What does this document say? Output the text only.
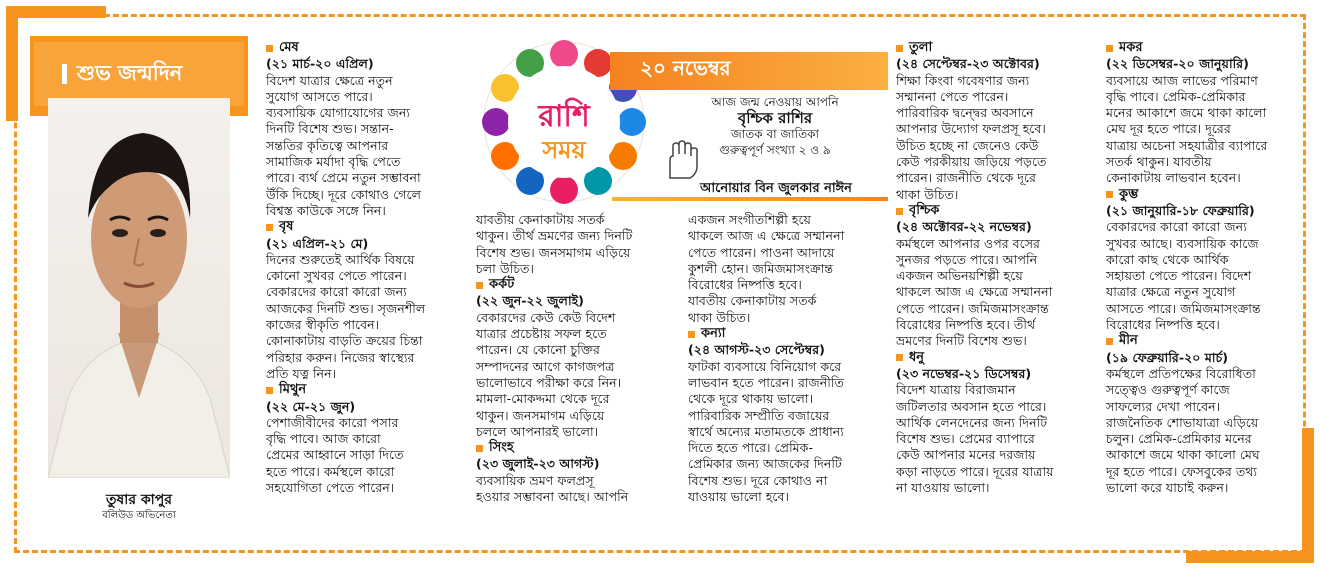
শুভ জন্মদিন
তুষার কাপুর
বলিউড অভিনেতা
মেষ

(২১ মার্চ-২০ এপ্রিল)

বিদেশ যাত্রার ক্ষেত্রে নতুন
সুযোগ আসতে পারে।
ব্যবসায়িক যোগাযোগের জন্য
দিনটি বিশেষ শুভ। সন্তান-
সন্ততির কৃতিত্বে আপনার
সামাজিক মর্যাদা বৃদ্ধি পেতে
পারে। ব্যর্থ প্রেমে নতুন সম্ভাবনা
উঁকি দিচ্ছে। দূরে কোথাও গেলে
বিশ্বস্ত কাউকে সঙ্গে নিন।

বৃষ

(২১ এপ্রিল-২১ মে)

দিনের শুরুতেই আর্থিক বিষয়ে
কোনো সুখবর পেতে পারেন।
বেকারদের কারো কারো জন্য
আজকের দিনটি শুভ। সৃজনশীল
কাজের স্বীকৃতি পাবেন।
কোনাকাটায় বাড়তি ক্রয়ের চিন্তা
পরিহার করুন। নিজের স্বাস্থ্যের
প্রতি যত্ন নিন।

মিথুন

(২২ মে-২১ জুন)

পেশাজীবীদের কারো পসার
বৃদ্ধি পাবে। আজ কারো
প্রেমের আহ্বানে সাড়া দিতে
হতে পারে। কর্মস্থলে কারো
সহযোগিতা পেতে পারেন।

রাশি
সময়
২০ নভেম্বর
আজ জন্ম নেওয়ায় আপনি
বৃশ্চিক রাশির
জাতক বা জাতিকা
গুরুত্বপূর্ণ সংখ্যা ২ ও ৯
আনোয়ার বিন জুলকার নাঈন

যাবতীয় কেনাকাটায় সতর্ক
থাকুন। তীর্থ ভ্রমণের জন্য দিনটি
বিশেষ শুভ। জনসমাগম এড়িয়ে
চলা উচিত।

কর্কট

(২২ জুন-২২ জুলাই)

বেকারদের কেউ কেউ বিদেশ
যাত্রার প্রচেষ্টায় সফল হতে
পারেন। যে কোনো চুক্তির
সম্পাদনের আগে কাগজপত্র
ভালোভাবে পরীক্ষা করে নিন।
মামলা-মোকদ্দমা থেকে দূরে
থাকুন। জনসমাগম এড়িয়ে
চললে আপনারই ভালো।

সিংহ

(২৩ জুলাই-২৩ আগস্ট)

ব্যবসায়িক ভ্রমণ ফলপ্রসূ
হওয়ার সম্ভাবনা আছে। আপনি

একজন সংগীতশিল্পী হয়ে
থাকলে আজ এ ক্ষেত্রে সম্মাননা
পেতে পারেন। পাওনা আদায়ে
কুশলী হোন। জমিজমাসংক্রান্ত
বিরোধের নিষ্পত্তি হবে।
যাবতীয় কেনাকাটায় সতর্ক
থাকা উচিত।

কন্যা

(২৪ আগস্ট-২৩ সেপ্টেম্বর)

ফাটকা ব্যবসায়ে বিনিয়োগ করে
লাভবান হতে পারেন। রাজনীতি
থেকে দূরে থাকায় ভালো।
পারিবারিক সম্প্রীতি বজায়ের
স্বার্থে অন্যের মতামতকে প্রাধান্য
দিতে হতে পারে। প্রেমিক-
প্রেমিকার জন্য আজকের দিনটি
বিশেষ শুভ। দূরে কোথাও না
যাওয়ায় ভালো হবে।

তুলা

(২৪ সেপ্টেম্বর-২৩ অক্টোবর)

শিক্ষা কিংবা গবেষণার জন্য
সম্মাননা পেতে পারেন।
পারিবারিক দ্বন্দ্বের অবসানে
আপনার উদ্যোগ ফলপ্রসূ হবে।
উচিত হচ্ছে না জেনেও কেউ
কেউ পরকীয়ায় জড়িয়ে পড়তে
পারেন। রাজনীতি থেকে দূরে
থাকা উচিত।

বৃশ্চিক

(২৪ অক্টোবর-২২ নভেম্বর)

কর্মস্থলে আপনার ওপর বসের
সুনজর পড়তে পারে। আপনি
একজন অভিনয়শিল্পী হয়ে
থাকলে আজ এ ক্ষেত্রে সম্মাননা
পেতে পারেন। জমিজমাসংক্রান্ত
বিরোধের নিষ্পত্তি হবে। তীর্থ
ভ্রমণের দিনটি বিশেষ শুভ।

ধনু

(২৩ নভেম্বর-২১ ডিসেম্বর)

বিদেশ যাত্রায় বিরাজমান
জটিলতার অবসান হতে পারে।
আর্থিক লেনদেনের জন্য দিনটি
বিশেষ শুভ। প্রেমের ব্যাপারে
কেউ আপনার মনের দরজায়
কড়া নাড়তে পারে। দূরের যাত্রায়
না যাওয়ায় ভালো।

মকর

(২২ ডিসেম্বর-২০ জানুয়ারি)

ব্যবসায়ে আজ লাভের পরিমাণ
বৃদ্ধি পাবে। প্রেমিক-প্রেমিকার
মনের আকাশে জমে থাকা কালো
মেঘ দূর হতে পারে। দূরের
যাত্রায় অচেনা সহযাত্রীর ব্যাপারে
সতর্ক থাকুন। যাবতীয়
কেনাকাটায় লাভবান হবেন।

কুম্ভ

(২১ জানুয়ারি-১৮ ফেব্রুয়ারি)

বেকারদের কারো কারো জন্য
সুখবর আছে। ব্যবসায়িক কাজে
কারো কাছ থেকে আর্থিক
সহায়তা পেতে পারেন। বিদেশ
যাত্রার ক্ষেত্রে নতুন সুযোগ
আসতে পারে। জমিজমাসংক্রান্ত
বিরোধের নিষ্পত্তি হবে।

মীন

(১৯ ফেব্রুয়ারি-২০ মার্চ)

কর্মস্থলে প্রতিপক্ষের বিরোধিতা
সত্ত্বেও গুরুত্বপূর্ণ কাজে
সাফল্যের দেখা পাবেন।
রাজনৈতিক শোভাযাত্রা এড়িয়ে
চলুন। প্রেমিক-প্রেমিকার মনের
আকাশে জমে থাকা কালো মেঘ
দূর হতে পারে। ফেসবুকের তথ্য
ভালো করে যাচাই করুন।
